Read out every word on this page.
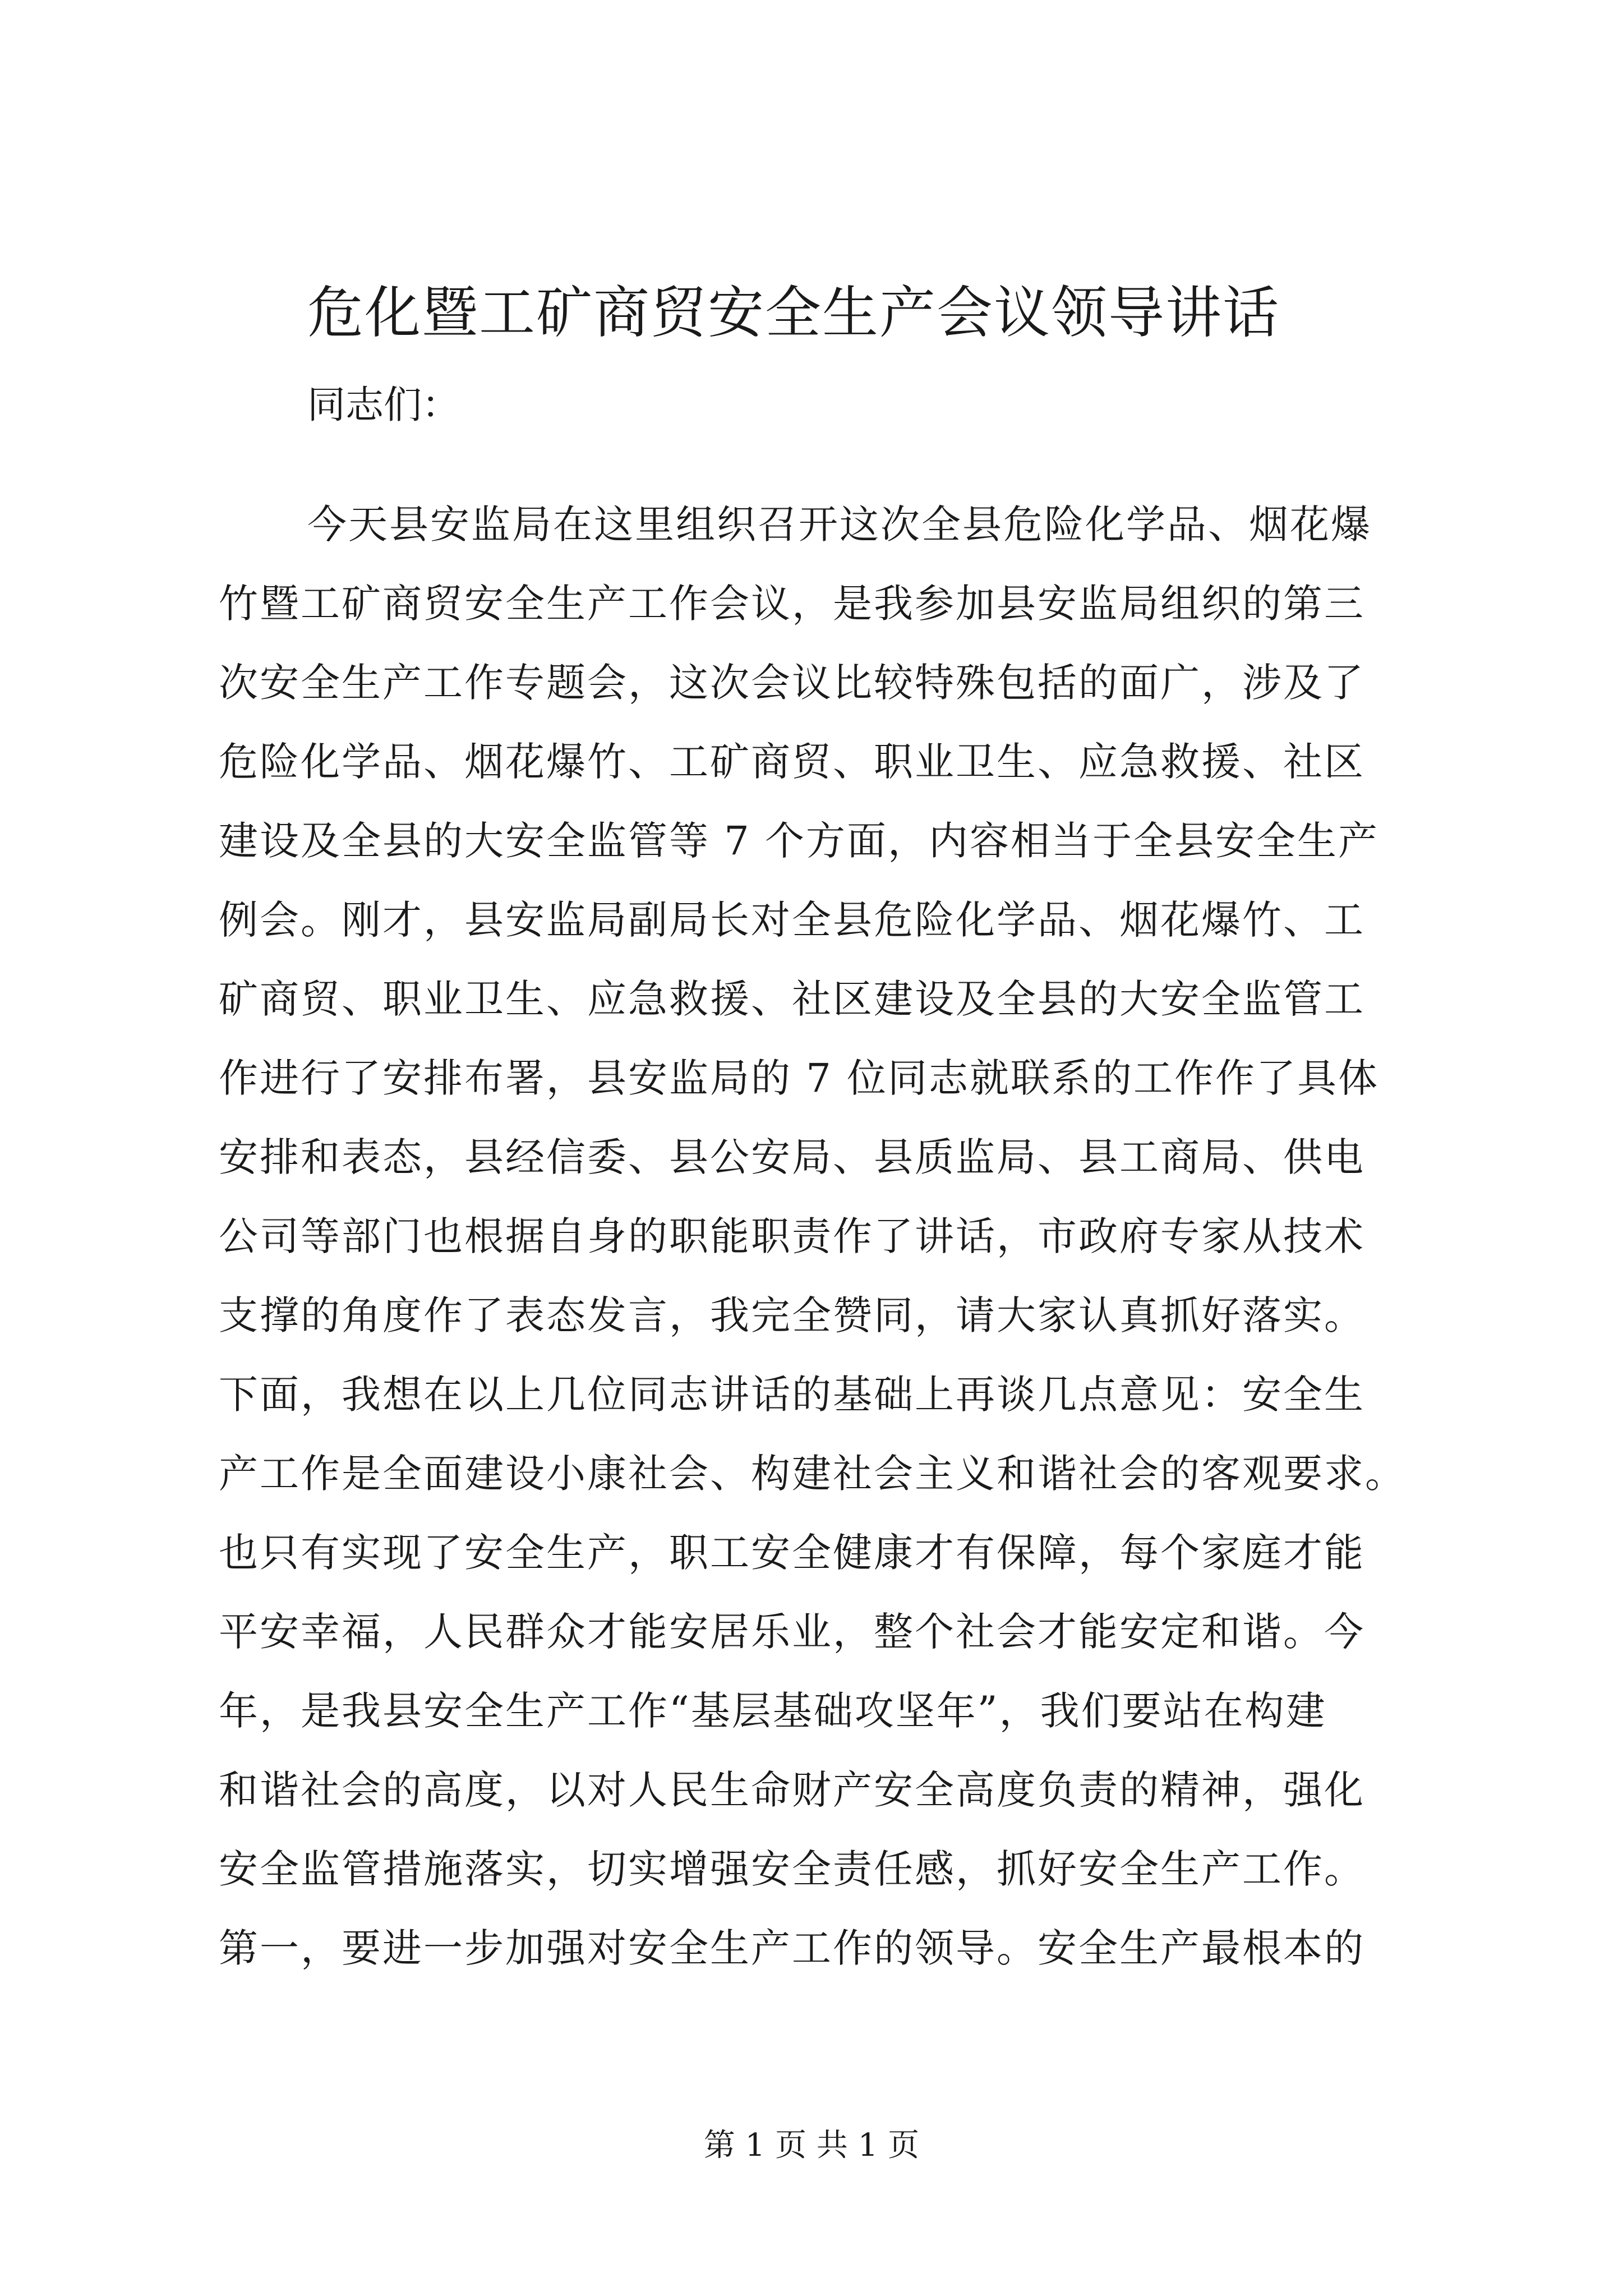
危化暨工矿商贸安全生产会议领导讲话
同志们：
今天县安监局在这里组织召开这次全县危险化学品、烟花爆
竹暨工矿商贸安全生产工作会议，是我参加县安监局组织的第三
次安全生产工作专题会，这次会议比较特殊包括的面广，涉及了
危险化学品、烟花爆竹、工矿商贸、职业卫生、应急救援、社区
建设及全县的大安全监管等 7 个方面，内容相当于全县安全生产
例会。刚才，县安监局副局长对全县危险化学品、烟花爆竹、工
矿商贸、职业卫生、应急救援、社区建设及全县的大安全监管工
作进行了安排布署，县安监局的 7 位同志就联系的工作作了具体
安排和表态，县经信委、县公安局、县质监局、县工商局、供电
公司等部门也根据自身的职能职责作了讲话，市政府专家从技术
支撑的角度作了表态发言，我完全赞同，请大家认真抓好落实。
下面，我想在以上几位同志讲话的基础上再谈几点意见：安全生
产工作是全面建设小康社会、构建社会主义和谐社会的客观要求。
也只有实现了安全生产，职工安全健康才有保障，每个家庭才能
平安幸福，人民群众才能安居乐业，整个社会才能安定和谐。今
年，是我县安全生产工作“基层基础攻坚年”，我们要站在构建
和谐社会的高度，以对人民生命财产安全高度负责的精神，强化
安全监管措施落实，切实增强安全责任感，抓好安全生产工作。
第一，要进一步加强对安全生产工作的领导。安全生产最根本的
第 1 页 共 1 页
